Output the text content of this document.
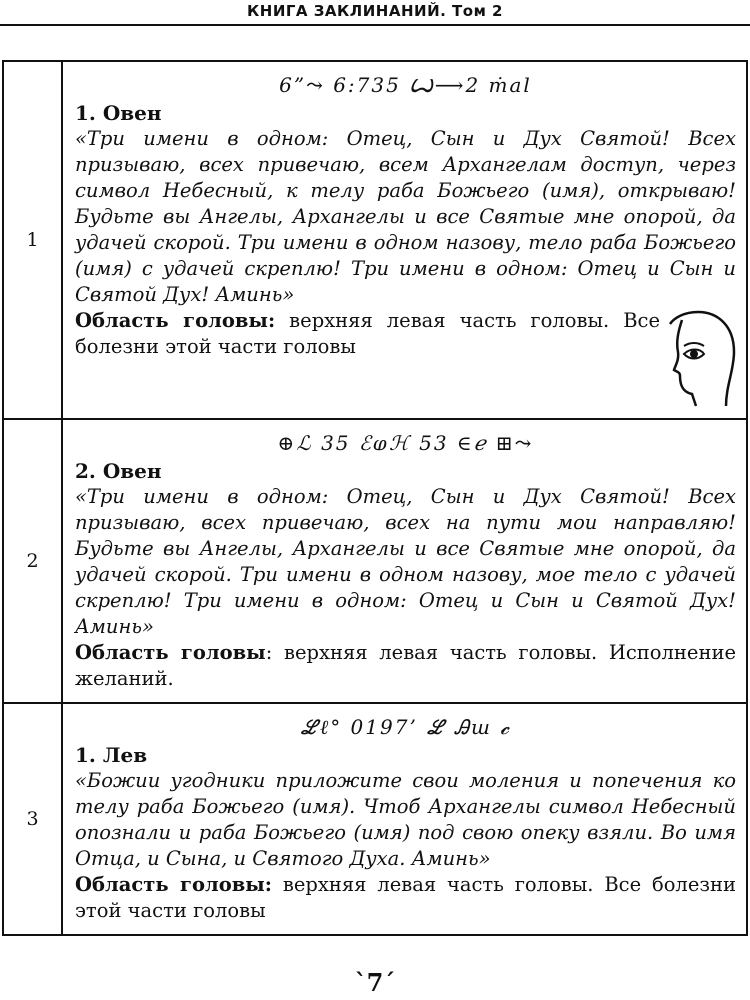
КНИГА ЗАКЛИНАНИЙ. Том 2
1	6”⤳ 6:735 Ꙍ⟶2 ṁal
1. Овен
«Три имени в одном: Отец, Сын и Дух Святой! Всех призываю, всех привечаю, всем Архангелам доступ, через символ Небесный, к телу раба Божьего (имя), открываю! Будьте вы Ангелы, Архангелы и все Святые мне опорой, да удачей скорой. Три имени в одном назову, тело раба Божьего (имя) с удачей скреплю! Три имени в одном: Отец и Сын и Святой Дух! Аминь»
Область головы: верхняя левая часть головы. Все болезни этой части головы

2	⊕ℒ 35 ℰⱷℋ 53 ∈ℯ ⊞⤳
2. Овен
«Три имени в одном: Отец, Сын и Дух Святой! Всех призываю, всех привечаю, всех на пути мои направляю! Будьте вы Ангелы, Архангелы и все Святые мне опорой, да удачей скорой. Три имени в одном назову, мое тело с удачей скреплю! Три имени в одном: Отец и Сын и Святой Дух! Аминь»
Область головы: верхняя левая часть головы. Исполнение желаний.

3	ℒℓ° 0197’ ℒ Ꭿш 𝓬
1. Лев
«Божии угодники приложите свои моления и попечения ко телу раба Божьего (имя). Чтоб Архангелы символ Небесный опознали и раба Божьего (имя) под свою опеку взяли. Во имя Отца, и Сына, и Святого Духа. Аминь»
Область головы: верхняя левая часть головы. Все болезни этой части головы
`7´
